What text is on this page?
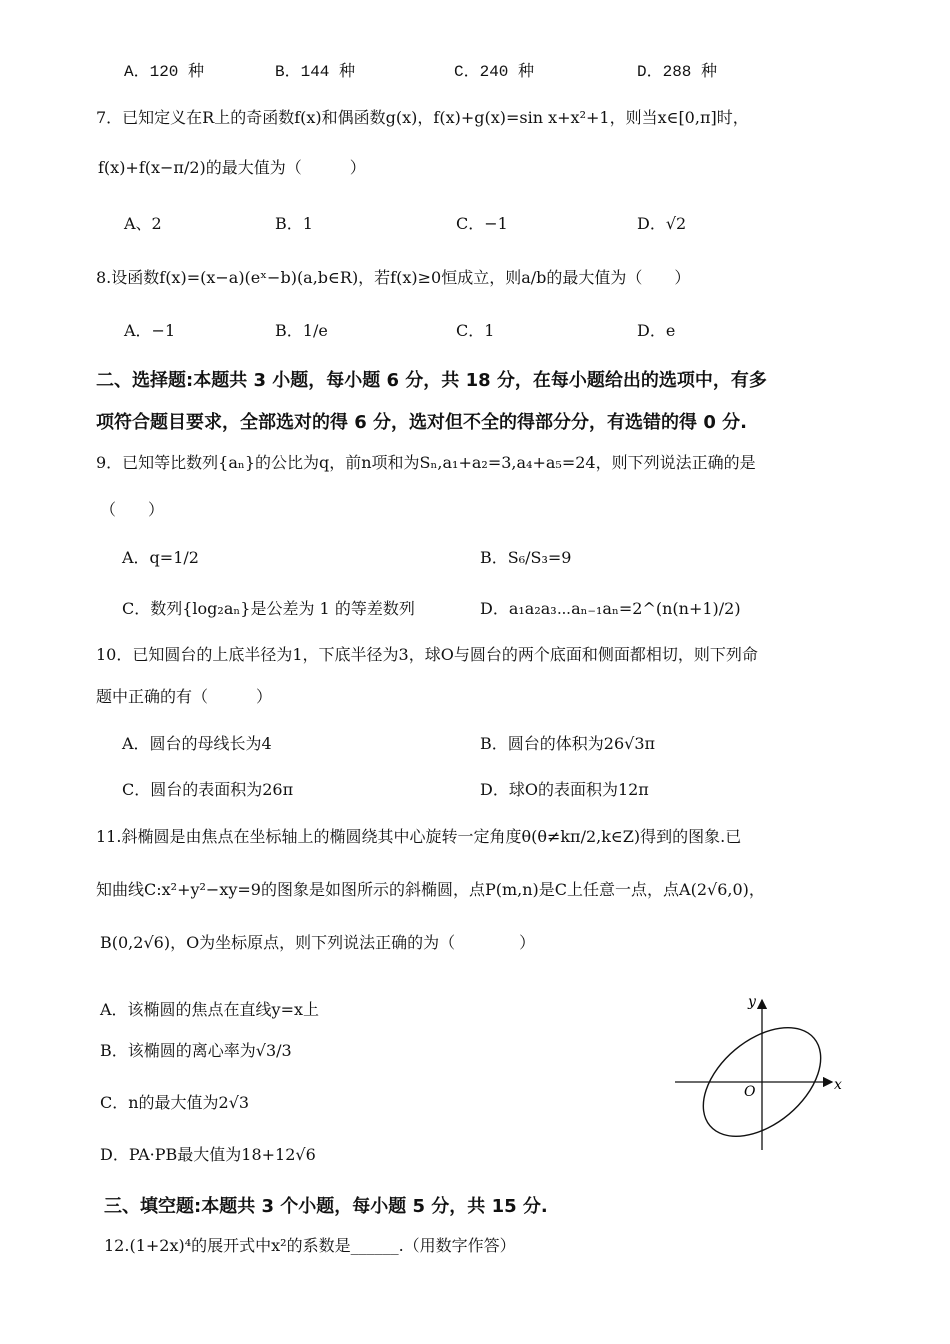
A．120 种	B．144 种	C．240 种	D．288 种
7．已知定义在R上的奇函数f(x)和偶函数g(x)，f(x)+g(x)=sin x+x²+1，则当x∈[0,π]时，
f(x)+f(x−π/2)的最大值为（　　　）
A、2	B．1	C．−1	D．√2
8.设函数f(x)=(x−a)(eˣ−b)(a,b∈R)，若f(x)≥0恒成立，则a/b的最大值为（　　）
A．−1	B．1/e	C．1	D．e
二、选择题:本题共 3 小题，每小题 6 分，共 18 分，在每小题给出的选项中，有多
项符合题目要求，全部选对的得 6 分，选对但不全的得部分分，有选错的得 0 分.
9．已知等比数列{aₙ}的公比为q，前n项和为Sₙ,a₁+a₂=3,a₄+a₅=24，则下列说法正确的是
（　　）
A．q=1/2	B．S₆/S₃=9
C．数列{log₂aₙ}是公差为 1 的等差数列	D．a₁a₂a₃⋯aₙ₋₁aₙ=2^(n(n+1)/2)
10．已知圆台的上底半径为1，下底半径为3，球O与圆台的两个底面和侧面都相切，则下列命
题中正确的有（　　　）
A．圆台的母线长为4	B．圆台的体积为26√3π
C．圆台的表面积为26π	D．球O的表面积为12π
11.斜椭圆是由焦点在坐标轴上的椭圆绕其中心旋转一定角度θ(θ≠kπ/2,k∈Z)得到的图象.已
知曲线C:x²+y²−xy=9的图象是如图所示的斜椭圆，点P(m,n)是C上任意一点，点A(2√6,0)，
B(0,2√6)，O为坐标原点，则下列说法正确的为（　　　　）
A．该椭圆的焦点在直线y=x上
B．该椭圆的离心率为√3/3
C．n的最大值为2√3
D．PA·PB最大值为18+12√6
x
y
O
三、填空题:本题共 3 个小题，每小题 5 分，共 15 分.
12.(1+2x)⁴的展开式中x²的系数是______.（用数字作答）
